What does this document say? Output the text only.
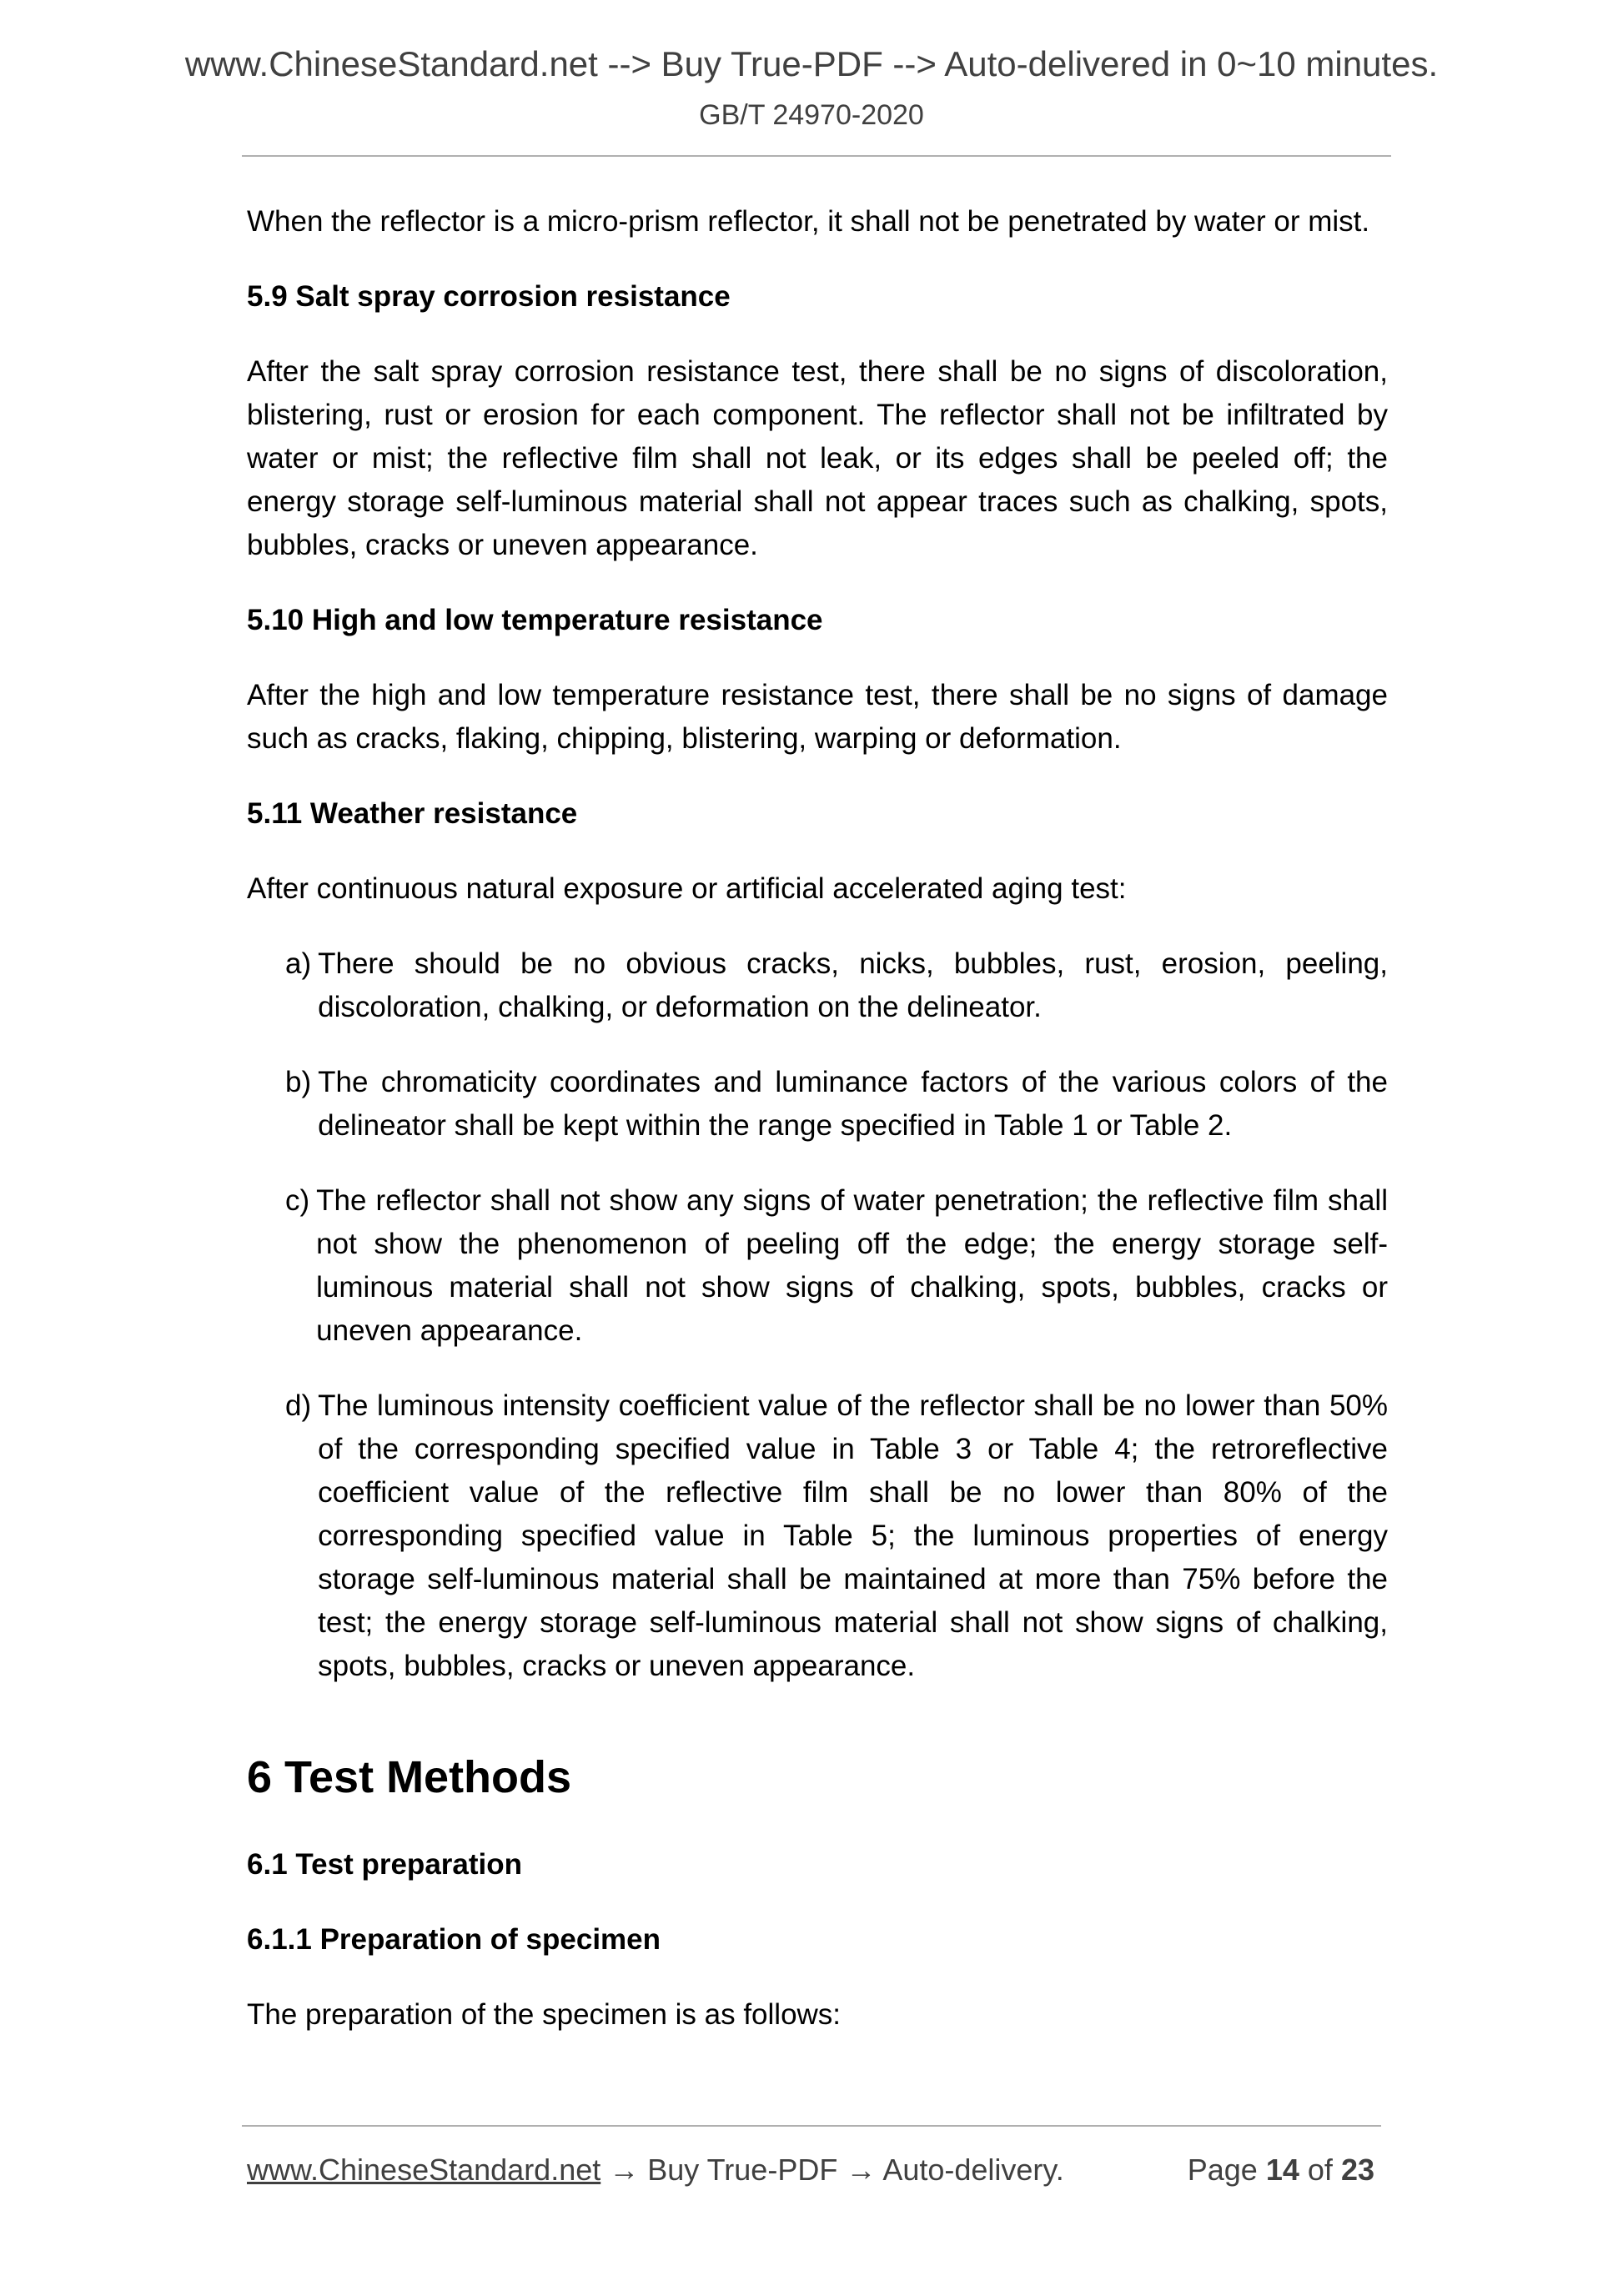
www.ChineseStandard.net --> Buy True-PDF --> Auto-delivered in 0~10 minutes.
GB/T 24970-2020

When the reflector is a micro-prism reflector, it shall not be penetrated by water or mist.

5.9 Salt spray corrosion resistance

After the salt spray corrosion resistance test, there shall be no signs of discoloration, blistering, rust or erosion for each component. The reflector shall not be infiltrated by water or mist; the reflective film shall not leak, or its edges shall be peeled off; the energy storage self-luminous material shall not appear traces such as chalking, spots, bubbles, cracks or uneven appearance.

5.10 High and low temperature resistance

After the high and low temperature resistance test, there shall be no signs of damage such as cracks, flaking, chipping, blistering, warping or deformation.

5.11 Weather resistance

After continuous natural exposure or artificial accelerated aging test:

a) There should be no obvious cracks, nicks, bubbles, rust, erosion, peeling, discoloration, chalking, or deformation on the delineator.
b) The chromaticity coordinates and luminance factors of the various colors of the delineator shall be kept within the range specified in Table 1 or Table 2.
c) The reflector shall not show any signs of water penetration; the reflective film shall not show the phenomenon of peeling off the edge; the energy storage self-luminous material shall not show signs of chalking, spots, bubbles, cracks or uneven appearance.
d) The luminous intensity coefficient value of the reflector shall be no lower than 50% of the corresponding specified value in Table 3 or Table 4; the retroreflective coefficient value of the reflective film shall be no lower than 80% of the corresponding specified value in Table 5; the luminous properties of energy storage self-luminous material shall be maintained at more than 75% before the test; the energy storage self-luminous material shall not show signs of chalking, spots, bubbles, cracks or uneven appearance.
6 Test Methods
6.1 Test preparation
6.1.1 Preparation of specimen

The preparation of the specimen is as follows:

www.ChineseStandard.net → Buy True-PDF → Auto-delivery.	Page 14 of 23
